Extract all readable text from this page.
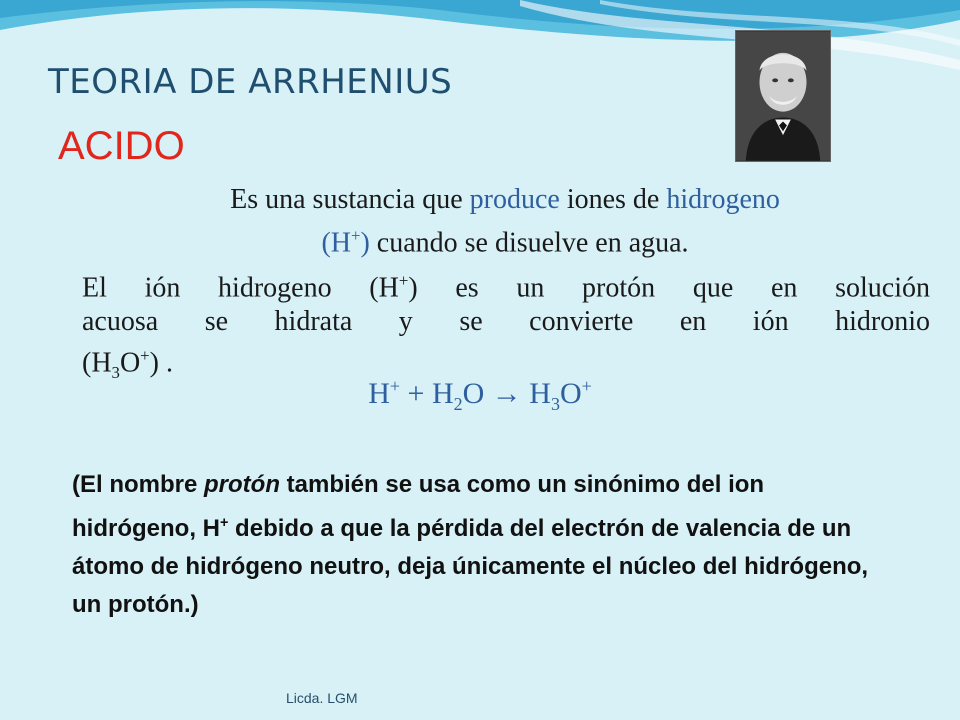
TEORIA DE ARRHENIUS
ACIDO
Es una sustancia que produce iones de hidrogeno
(H+) cuando se disuelve en agua.
El ión hidrogeno (H+) es un protón que en solución
acuosa se hidrata y se convierte en ión hidronio
$(H_3O^+)$ .
$H^+ + H_2O \to H_3O^+$
(El nombre protón también se usa como un sinónimo del ion hidrógeno, H+ debido a que la pérdida del electrón de valencia de un átomo de hidrógeno neutro, deja únicamente el núcleo del hidrógeno, un protón.)
Licda. LGM
